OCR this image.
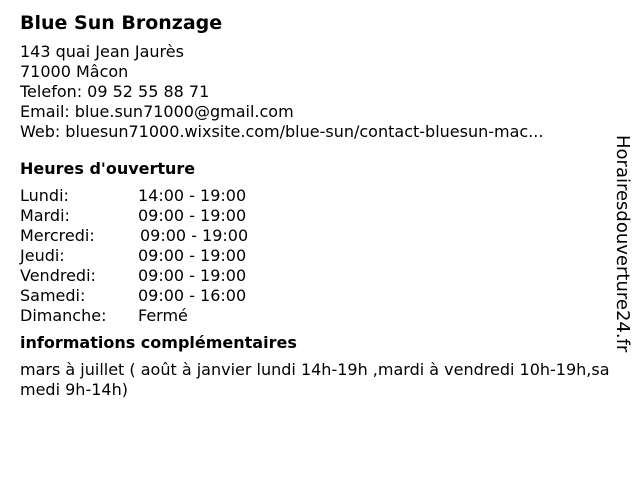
Blue Sun Bronzage
143 quai Jean Jaurès
71000 Mâcon
Telefon: 09 52 55 88 71
Email: blue.sun71000@gmail.com
Web: bluesun71000.wixsite.com/blue-sun/contact-bluesun-mac...
Heures d'ouverture
Lundi:	14:00 - 19:00
Mardi:	09:00 - 19:00
Mercredi:	09:00 - 19:00
Jeudi:	09:00 - 19:00
Vendredi:	09:00 - 19:00
Samedi:	09:00 - 16:00
Dimanche:	Fermé
informations complémentaires
mars à juillet ( août à janvier lundi 14h-19h ,mardi à vendredi 10h-19h,samedi 9h-14h)
Horairesdouverture24.fr
